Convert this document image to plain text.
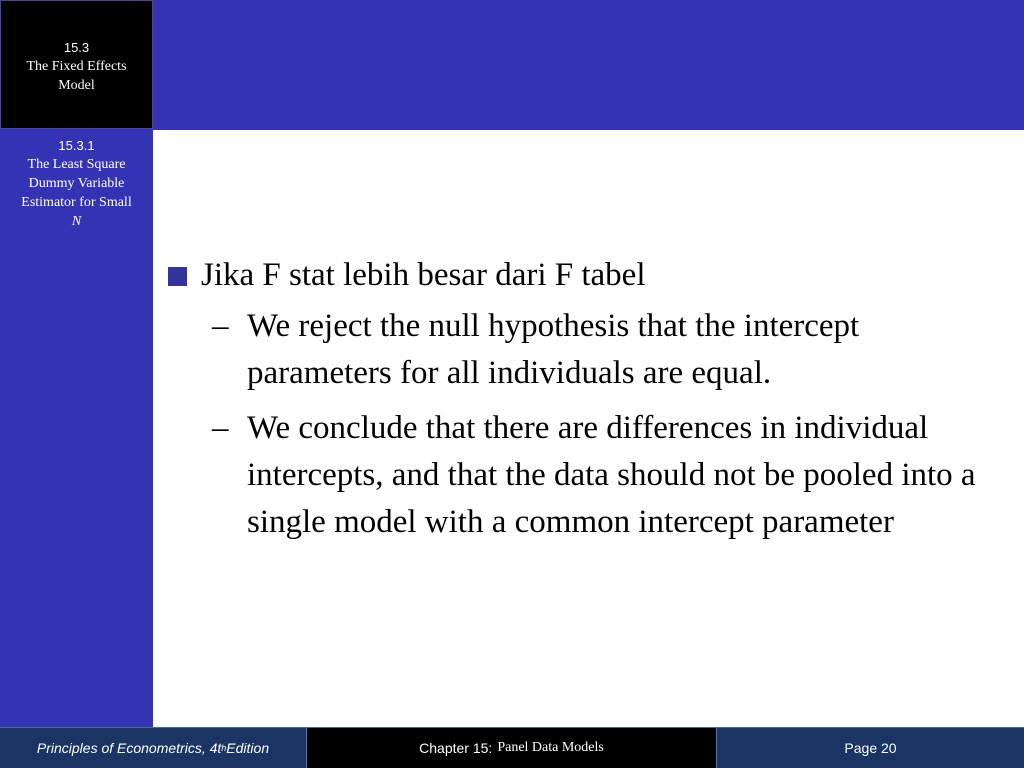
15.3
The Fixed Effects
Model
15.3.1
The Least Square
Dummy Variable
Estimator for Small
N
Jika F stat lebih besar dari F tabel
– We reject the null hypothesis that the intercept parameters for all individuals are equal.
– We conclude that there are differences in individual intercepts, and that the data should not be pooled into a single model with a common intercept parameter
Principles of Econometrics, 4t h Edition	Chapter 15: Panel Data Models	Page 20
